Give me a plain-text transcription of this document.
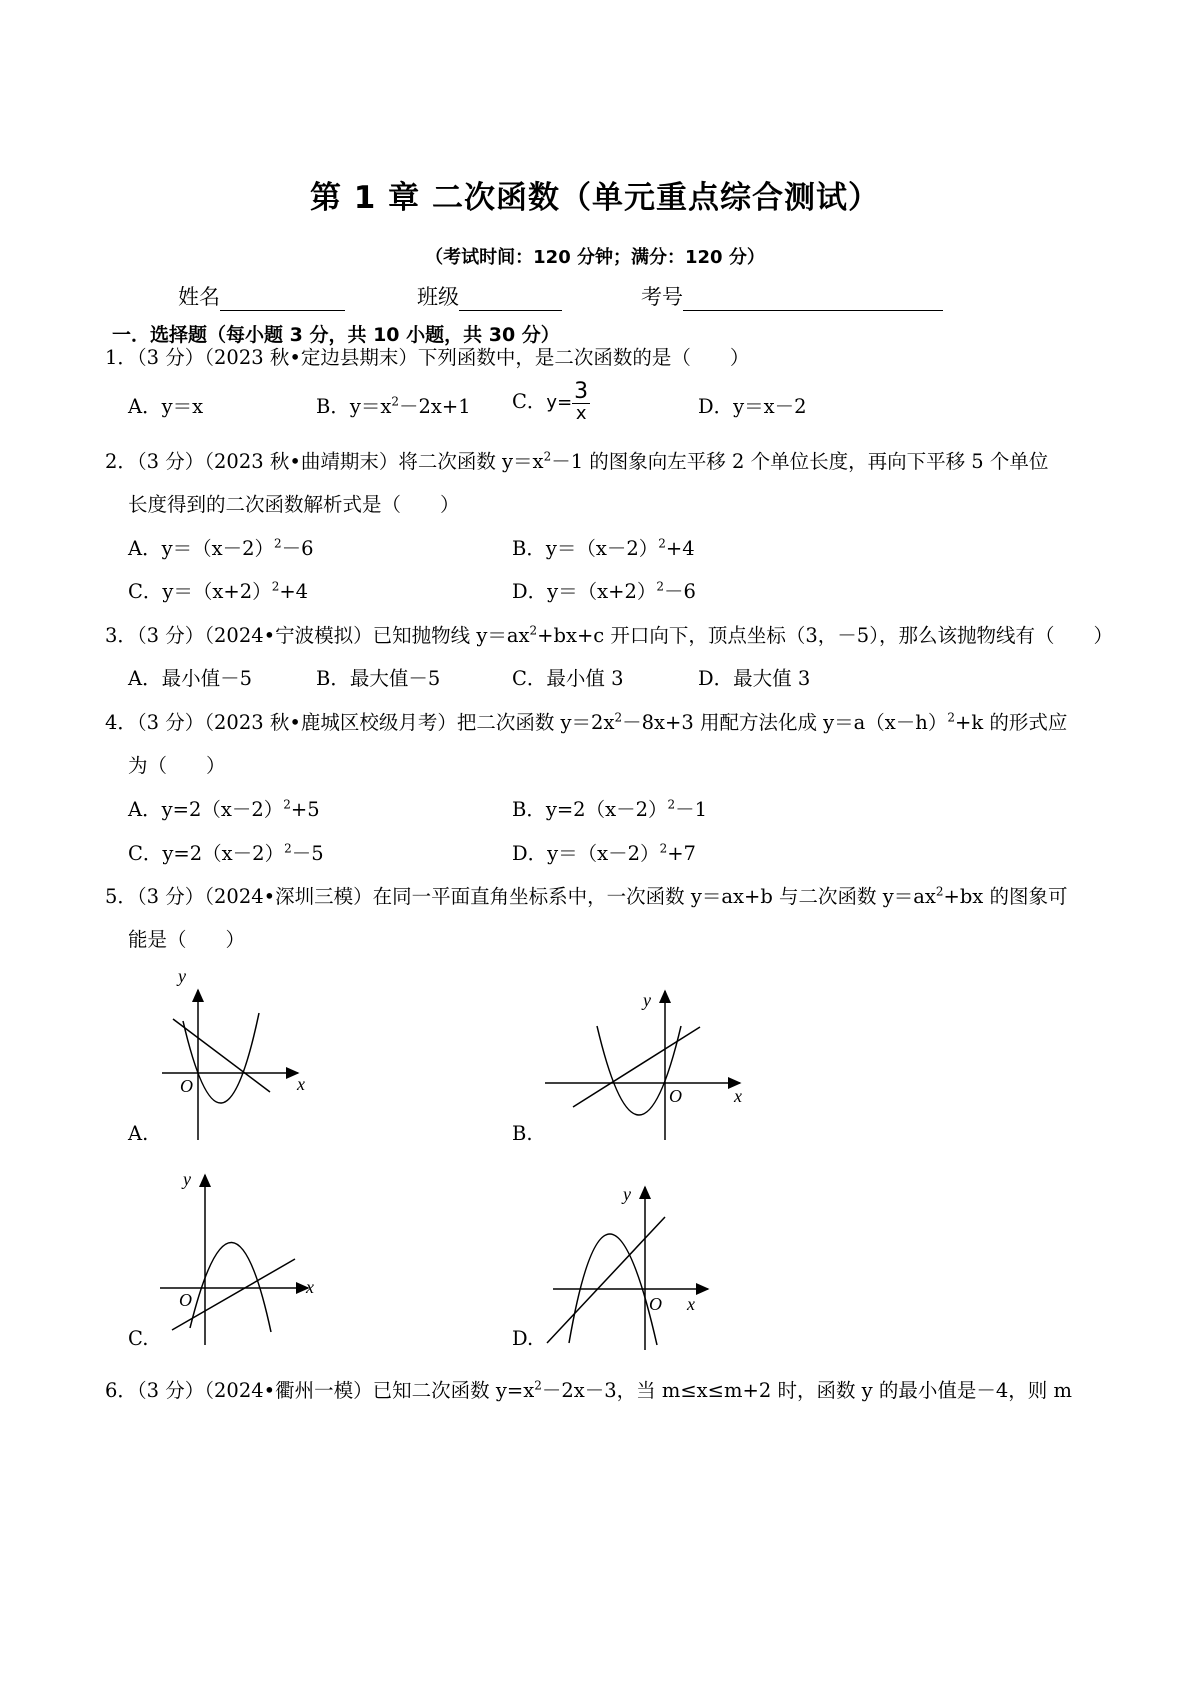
第 1 章 二次函数（单元重点综合测试）
（考试时间：120 分钟；满分：120 分）
姓名	班级	考号
一．选择题（每小题 3 分，共 10 小题，共 30 分）
1．（3 分）（2023 秋•定边县期末）下列函数中，是二次函数的是（　　）
A．y＝x	B．$y=x^2-2x+1$ C．$y= \frac{3}{x}$	D．y＝x－2
2．（3 分）（2023 秋•曲靖期末）将二次函数 $y=x^2-1$ 的图象向左平移 2 个单位长度，再向下平移 5 个单位
长度得到的二次函数解析式是（　　）
A．$y=(x-2)^2-6$	B．$y=(x-2)^2+4$
C．$y=(x+2)^2+4$	D．$y=(x+2)^2-6$
3．（3 分）（2024•宁波模拟）已知抛物线 $y=ax^2+bx+c$ 开口向下，顶点坐标（3，－5），那么该抛物线有（　　）
A．最小值－5	B．最大值－5	C．最小值 3	D．最大值 3
4．（3 分）（2023 秋•鹿城区校级月考）把二次函数 $y=2x^2-8x+3$ 用配方法化成 $y=a(x-h)^2+k$ 的形式应
为（　　）
A．$y=2(x-2)^2+5$	B．$y=2(x-2)^2-1$
C．$y=2(x-2)^2-5$	D．$y=(x-2)^2+7$
5．（3 分）（2024•深圳三模）在同一平面直角坐标系中，一次函数 y＝ax+b 与二次函数 $y=ax^2+bx$ 的图象可
能是（　　）
y
O	x
A.
y
O	x
B.
y
O
x
C.
y
O x
D.
6．（3 分）（2024•衢州一模）已知二次函数 $y=x^2-2x-3$，当 m≤x≤m+2 时，函数 y 的最小值是－4，则 m
